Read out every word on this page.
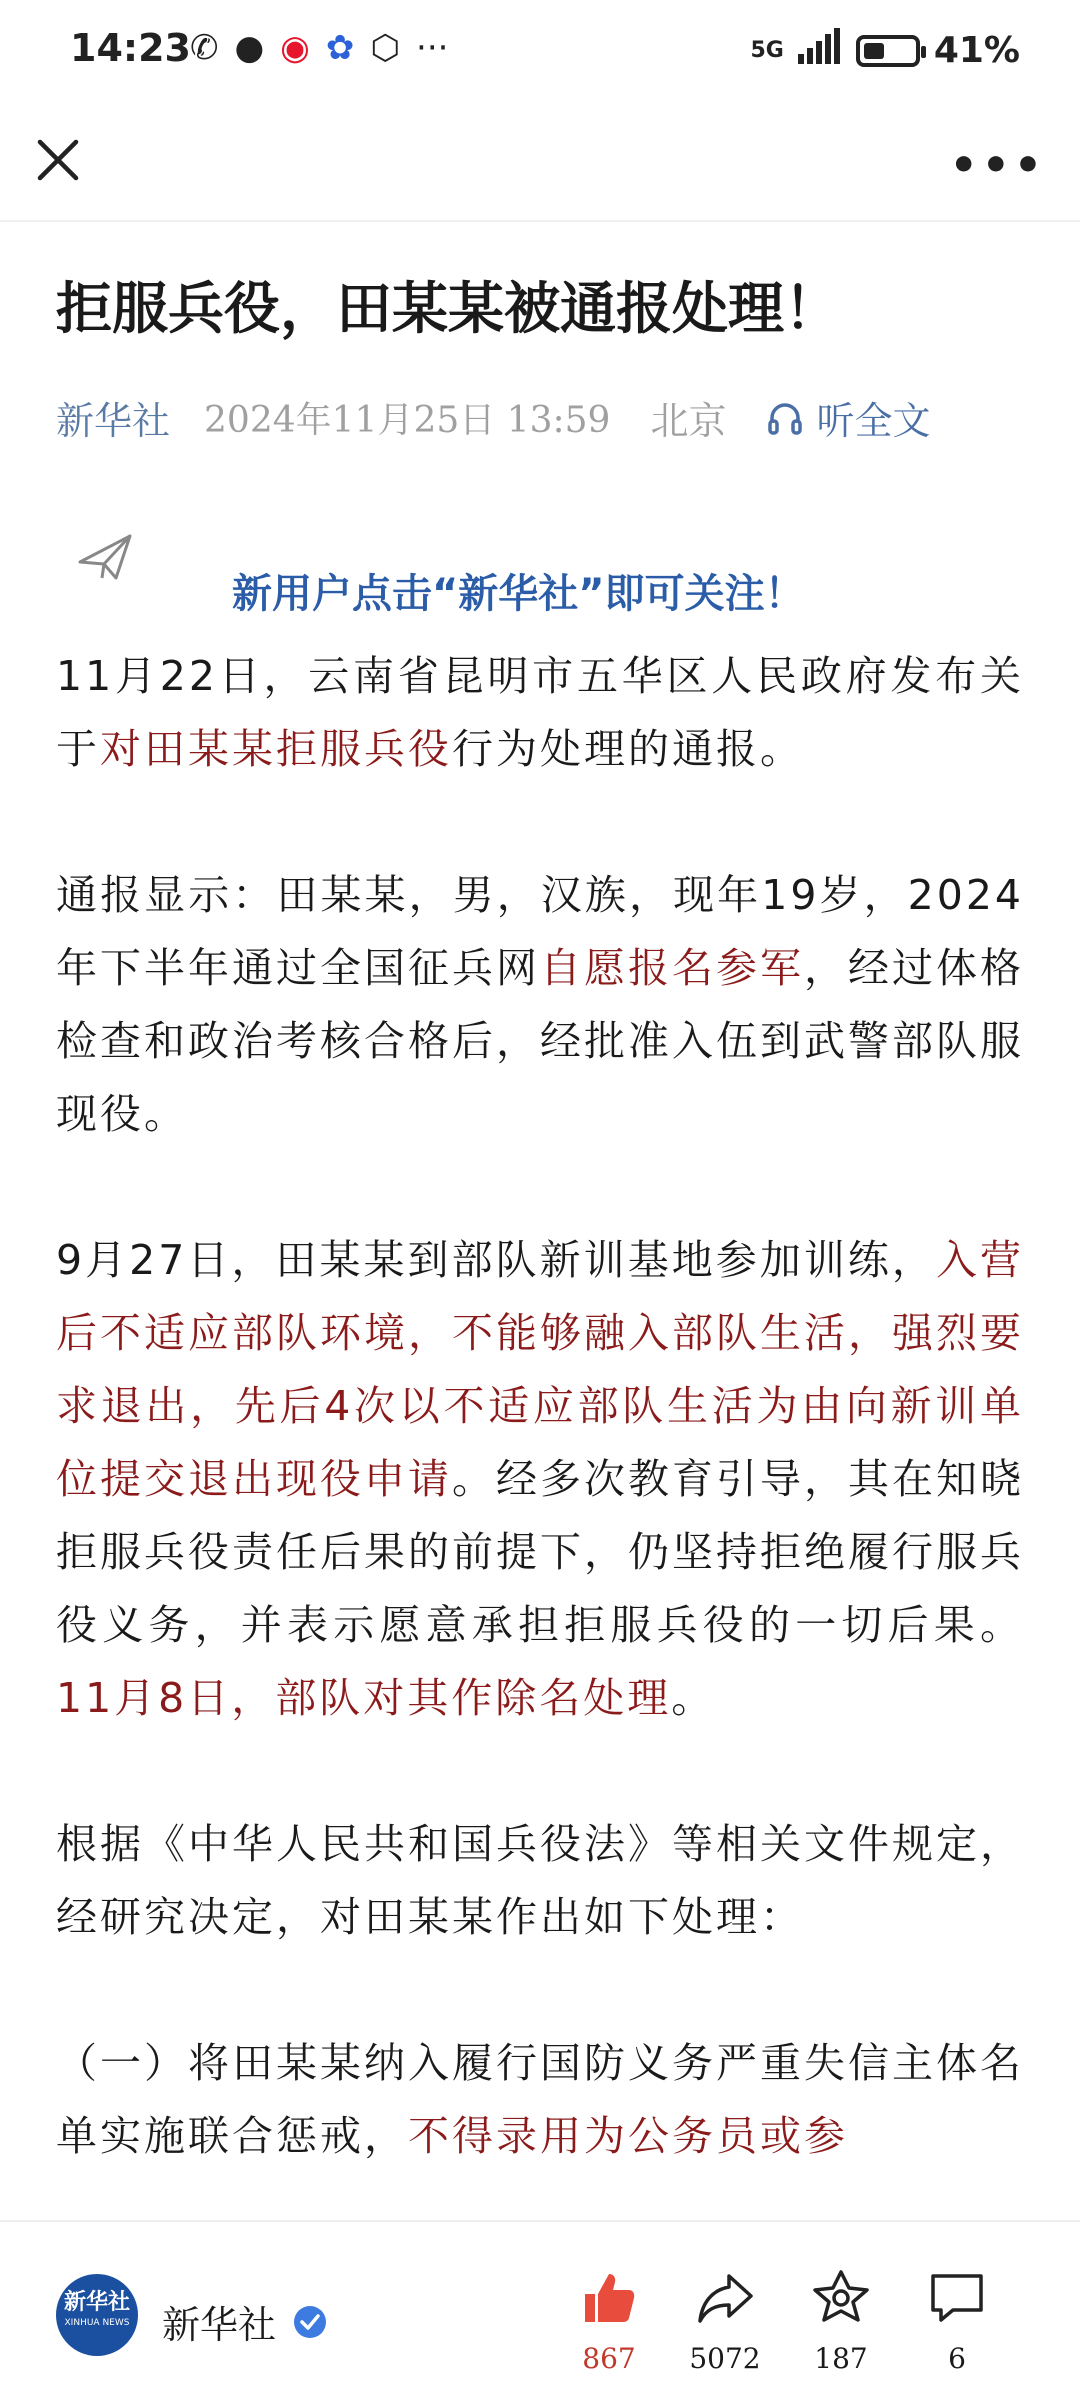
14:23 ✆ ● ◉ ✿ ⬡ ···	5G	41%
•••
拒服兵役，田某某被通报处理！
新华社 2024年11月25日 13:59 北京 听全文
新用户点击“新华社”即可关注！

11月22日，云南省昆明市五华区人民政府发布关于对田某某拒服兵役行为处理的通报。

通报显示：田某某，男，汉族，现年19岁，2024年下半年通过全国征兵网自愿报名参军，经过体格检查和政治考核合格后，经批准入伍到武警部队服现役。

9月27日，田某某到部队新训基地参加训练，入营后不适应部队环境，不能够融入部队生活，强烈要求退出，先后4次以不适应部队生活为由向新训单位提交退出现役申请。经多次教育引导，其在知晓拒服兵役责任后果的前提下，仍坚持拒绝履行服兵役义务，并表示愿意承担拒服兵役的一切后果。11月8日，部队对其作除名处理。

根据《中华人民共和国兵役法》等相关文件规定，经研究决定，对田某某作出如下处理：

（一）将田某某纳入履行国防义务严重失信主体名单实施联合惩戒，不得录用为公务员或参

新华社
XINHUA NEWS 新华社
867	5072	187	6
